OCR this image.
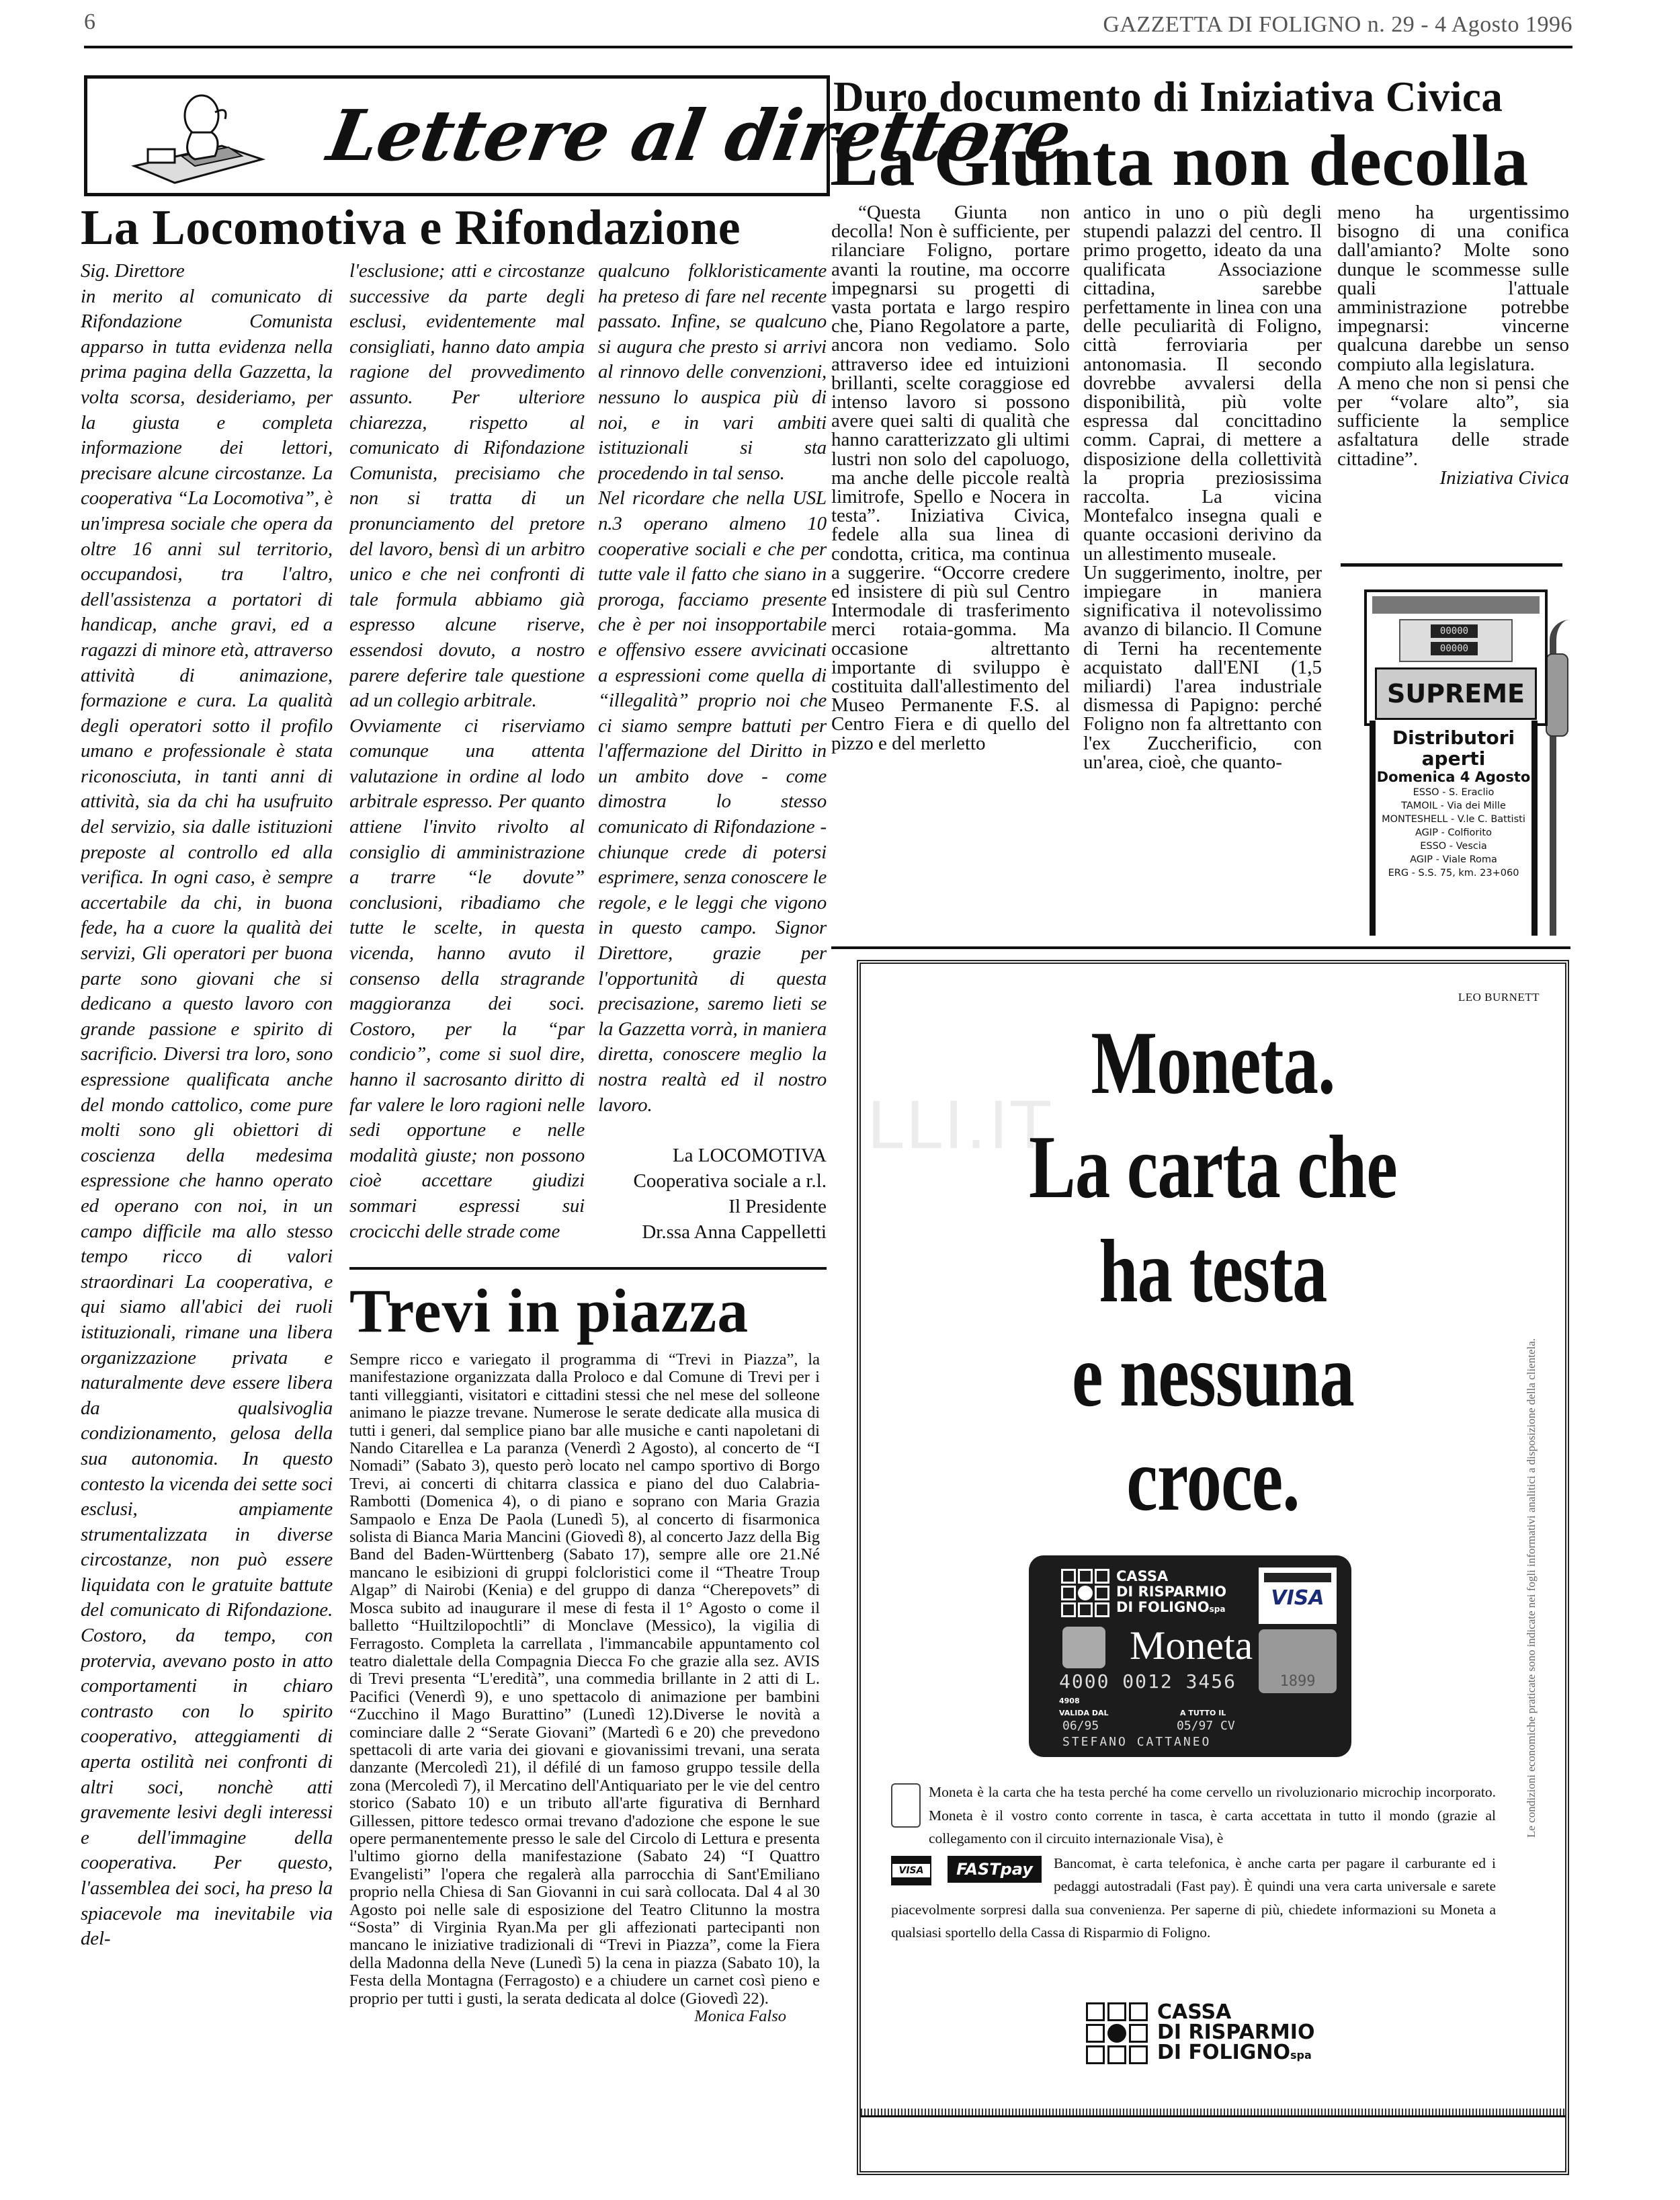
6	GAZZETTA DI FOLIGNO n. 29 - 4 Agosto 1996
LLI.IT
Lettere al direttore
La Locomotiva e Rifondazione

Sig. Direttore
in merito al comunicato di Rifondazione Comunista apparso in tutta evidenza nella prima pagina della Gazzetta, la volta scorsa, desideriamo, per la giusta e completa informazione dei lettori, precisare alcune circostanze. La cooperativa “La Locomotiva”, è un'impresa sociale che opera da oltre 16 anni sul territorio, occupandosi, tra l'altro, dell'assistenza a portatori di handicap, anche gravi, ed a ragazzi di minore età, attraverso attività di animazione, formazione e cura. La qualità degli operatori sotto il profilo umano e professionale è stata riconosciuta, in tanti anni di attività, sia da chi ha usufruito del servizio, sia dalle istituzioni preposte al controllo ed alla verifica. In ogni caso, è sempre accertabile da chi, in buona fede, ha a cuore la qualità dei servizi, Gli operatori per buona parte sono giovani che si dedicano a questo lavoro con grande passione e spirito di sacrificio. Diversi tra loro, sono espressione qualificata anche del mondo cattolico, come pure molti sono gli obiettori di coscienza della medesima espressione che hanno operato ed operano con noi, in un campo difficile ma allo stesso tempo ricco di valori straordinari La cooperativa, e qui siamo all'abici dei ruoli istituzionali, rimane una libera organizzazione privata e naturalmente deve essere libera da qualsivoglia condizionamento, gelosa della sua autonomia. In questo contesto la vicenda dei sette soci esclusi, ampiamente strumentalizzata in diverse circostanze, non può essere liquidata con le gratuite battute del comunicato di Rifondazione. Costoro, da tempo, con protervia, avevano posto in atto comportamenti in chiaro contrasto con lo spirito cooperativo, atteggiamenti di aperta ostilità nei confronti di altri soci, nonchè atti gravemente lesivi degli interessi e dell'immagine della cooperativa. Per questo, l'assemblea dei soci, ha preso la spiacevole ma inevitabile via del-

l'esclusione; atti e circostanze successive da parte degli esclusi, evidentemente mal consigliati, hanno dato ampia ragione del provvedimento assunto. Per ulteriore chiarezza, rispetto al comunicato di Rifondazione Comunista, precisiamo che non si tratta di un pronunciamento del pretore del lavoro, bensì di un arbitro unico e che nei confronti di tale formula abbiamo già espresso alcune riserve, essendosi dovuto, a nostro parere deferire tale questione ad un collegio arbitrale.
Ovviamente ci riserviamo comunque una attenta valutazione in ordine al lodo arbitrale espresso. Per quanto attiene l'invito rivolto al consiglio di amministrazione a trarre “le dovute” conclusioni, ribadiamo che tutte le scelte, in questa vicenda, hanno avuto il consenso della stragrande maggioranza dei soci. Costoro, per la “par condicio”, come si suol dire, hanno il sacrosanto diritto di far valere le loro ragioni nelle sedi opportune e nelle modalità giuste; non possono cioè accettare giudizi sommari espressi sui crocicchi delle strade come

qualcuno folkloristicamente ha preteso di fare nel recente passato. Infine, se qualcuno si augura che presto si arrivi al rinnovo delle convenzioni, nessuno lo auspica più di noi, e in vari ambiti istituzionali si sta procedendo in tal senso.
Nel ricordare che nella USL n.3 operano almeno 10 cooperative sociali e che per tutte vale il fatto che siano in proroga, facciamo presente che è per noi insopportabile e offensivo essere avvicinati a espressioni come quella di “illegalità” proprio noi che ci siamo sempre battuti per l'affermazione del Diritto in un ambito dove - come dimostra lo stesso comunicato di Rifondazione - chiunque crede di potersi esprimere, senza conoscere le regole, e le leggi che vigono in questo campo. Signor Direttore, grazie per l'opportunità di questa precisazione, saremo lieti se la Gazzetta vorrà, in maniera diretta, conoscere meglio la nostra realtà ed il nostro lavoro.

La LOCOMOTIVA
Cooperativa sociale a r.l.
Il Presidente
Dr.ssa Anna Cappelletti
Trevi in piazza

Sempre ricco e variegato il programma di “Trevi in Piazza”, la manifestazione organizzata dalla Proloco e dal Comune di Trevi per i tanti villeggianti, visitatori e cittadini stessi che nel mese del solleone animano le piazze trevane. Numerose le serate dedicate alla musica di tutti i generi, dal semplice piano bar alle musiche e canti napoletani di Nando Citarellea e La paranza (Venerdì 2 Agosto), al concerto de “I Nomadi” (Sabato 3), questo però locato nel campo sportivo di Borgo Trevi, ai concerti di chitarra classica e piano del duo Calabria-Rambotti (Domenica 4), o di piano e soprano con Maria Grazia Sampaolo e Enza De Paola (Lunedì 5), al concerto di fisarmonica solista di Bianca Maria Mancini (Giovedì 8), al concerto Jazz della Big Band del Baden-Württenberg (Sabato 17), sempre alle ore 21.Né mancano le esibizioni di gruppi folcloristici come il “Theatre Troup Algap” di Nairobi (Kenia) e del gruppo di danza “Cherepovets” di Mosca subito ad inaugurare il mese di festa il 1° Agosto o come il balletto “Huiltzilopochtli” di Monclave (Messico), la vigilia di Ferragosto. Completa la carrellata , l'immancabile appuntamento col teatro dialettale della Compagnia Diecca Fo che grazie alla sez. AVIS di Trevi presenta “L'eredità”, una commedia brillante in 2 atti di L. Pacifici (Venerdì 9), e uno spettacolo di animazione per bambini “Zucchino il Mago Burattino” (Lunedì 12).Diverse le novità a cominciare dalle 2 “Serate Giovani” (Martedì 6 e 20) che prevedono spettacoli di arte varia dei giovani e giovanissimi trevani, una serata danzante (Mercoledì 21), il défilé di un famoso gruppo tessile della zona (Mercoledì 7), il Mercatino dell'Antiquariato per le vie del centro storico (Sabato 10) e un tributo all'arte figurativa di Bernhard Gillessen, pittore tedesco ormai trevano d'adozione che espone le sue opere permanentemente presso le sale del Circolo di Lettura e presenta l'ultimo giorno della manifestazione (Sabato 24) “I Quattro Evangelisti” l'opera che regalerà alla parrocchia di Sant'Emiliano proprio nella Chiesa di San Giovanni in cui sarà collocata. Dal 4 al 30 Agosto poi nelle sale di esposizione del Teatro Clitunno la mostra “Sosta” di Virginia Ryan.Ma per gli affezionati partecipanti non mancano le iniziative tradizionali di “Trevi in Piazza”, come la Fiera della Madonna della Neve (Lunedì 5) la cena in piazza (Sabato 10), la Festa della Montagna (Ferragosto) e a chiudere un carnet così pieno e proprio per tutti i gusti, la serata dedicata al dolce (Giovedì 22).

Monica Falso
Duro documento di Iniziativa Civica
La Giunta non decolla

“Questa Giunta non decolla! Non è sufficiente, per rilanciare Foligno, portare avanti la routine, ma occorre impegnarsi su progetti di vasta portata e largo respiro che, Piano Regolatore a parte, ancora non vediamo. Solo attraverso idee ed intuizioni brillanti, scelte coraggiose ed intenso lavoro si possono avere quei salti di qualità che hanno caratterizzato gli ultimi lustri non solo del capoluogo, ma anche delle piccole realtà limitrofe, Spello e Nocera in testa”. Iniziativa Civica, fedele alla sua linea di condotta, critica, ma continua a suggerire. “Occorre credere ed insistere di più sul Centro Intermodale di trasferimento merci rotaia-gomma. Ma occasione altrettanto importante di sviluppo è costituita dall'allestimento del Museo Permanente F.S. al Centro Fiera e di quello del pizzo e del merletto

antico in uno o più degli stupendi palazzi del centro. Il primo progetto, ideato da una qualificata Associazione cittadina, sarebbe perfettamente in linea con una delle peculiarità di Foligno, città ferroviaria per antonomasia. Il secondo dovrebbe avvalersi della disponibilità, più volte espressa dal concittadino comm. Caprai, di mettere a disposizione della collettività la propria preziosissima raccolta. La vicina Montefalco insegna quali e quante occasioni derivino da un allestimento museale.
Un suggerimento, inoltre, per impiegare in maniera significativa il notevolissimo avanzo di bilancio. Il Comune di Terni ha recentemente acquistato dall'ENI (1,5 miliardi) l'area industriale dismessa di Papigno: perché Foligno non fa altrettanto con l'ex Zuccherificio, con un'area, cioè, che quanto-

meno ha urgentissimo bisogno di una conifica dall'amianto? Molte sono dunque le scommesse sulle quali l'attuale amministrazione potrebbe impegnarsi: vincerne qualcuna darebbe un senso compiuto alla legislatura.
A meno che non si pensi che per “volare alto”, sia sufficiente la semplice asfaltatura delle strade cittadine”.

Iniziativa Civica
00000
00000
SUPREME
Distributori aperti
Domenica 4 Agosto
ESSO - S. Eraclio
TAMOIL - Via dei Mille
MONTESHELL - V.le C. Battisti
AGIP - Colfiorito
ESSO - Vescia
AGIP - Viale Roma
ERG - S.S. 75, km. 23+060
LEO BURNETT
Moneta.
La carta che
ha testa
e nessuna
croce.	Le condizioni economiche praticate sono indicate nei fogli informativi analitici a disposizione della clientela.
CASSA
DI RISPARMIO
DI FOLIGNOspa	VISA
Moneta
1899
4000 0012 3456
4908
VALIDA DAL	A TUTTO IL
06/95	05/97 CV
STEFANO CATTANEO
Moneta è la carta che ha testa perché ha come cervello un rivoluzionario microchip incorporato. Moneta è il vostro conto corrente in tasca, è carta accettata in tutto il mondo (grazie al collegamento con il circuito internazionale Visa), è
VISA	FASTpay	Bancomat, è carta telefonica, è anche carta per pagare il carburante ed i pedaggi autostradali (Fast pay). È quindi una vera carta universale e sarete piacevolmente sorpresi dalla sua convenienza. Per saperne di più, chiedete informazioni su Moneta a qualsiasi sportello della Cassa di Risparmio di Foligno.
CASSA
DI RISPARMIO
DI FOLIGNOspa
